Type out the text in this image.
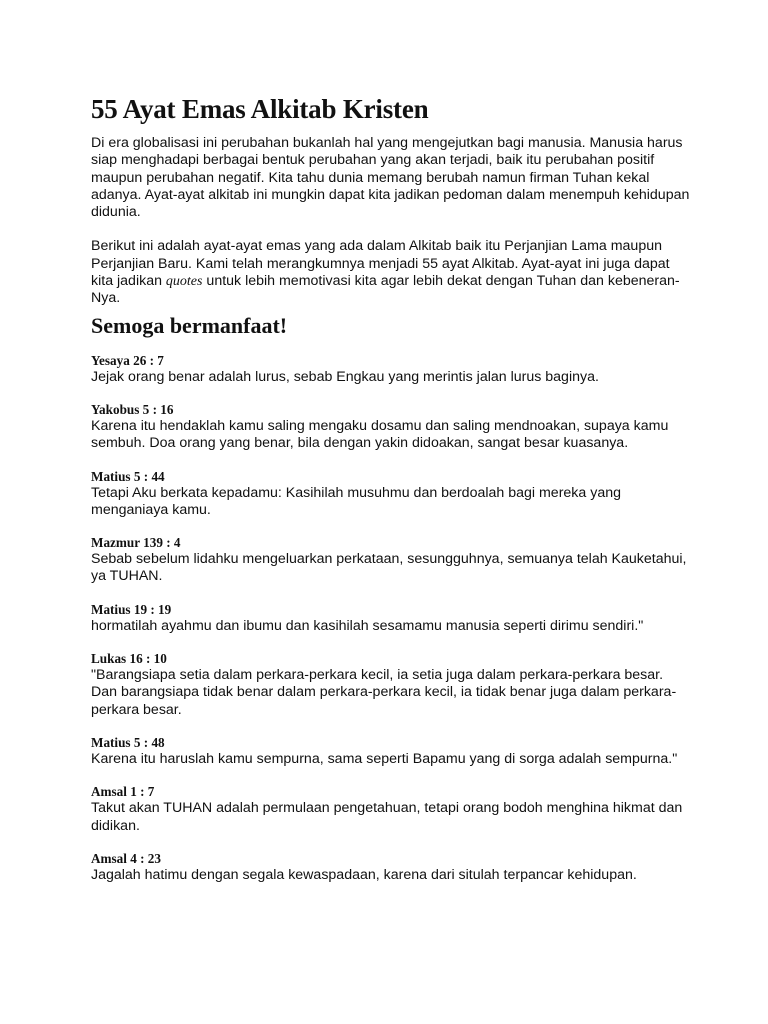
55 Ayat Emas Alkitab Kristen

Di era globalisasi ini perubahan bukanlah hal yang mengejutkan bagi manusia. Manusia harus siap menghadapi berbagai bentuk perubahan yang akan terjadi, baik itu perubahan positif maupun perubahan negatif. Kita tahu dunia memang berubah namun firman Tuhan kekal adanya. Ayat-ayat alkitab ini mungkin dapat kita jadikan pedoman dalam menempuh kehidupan didunia.

Berikut ini adalah ayat-ayat emas yang ada dalam Alkitab baik itu Perjanjian Lama maupun Perjanjian Baru. Kami telah merangkumnya menjadi 55 ayat Alkitab. Ayat-ayat ini juga dapat kita jadikan quotes untuk lebih memotivasi kita agar lebih dekat dengan Tuhan dan kebeneran-Nya.

Semoga bermanfaat!
Yesaya 26 : 7
Jejak orang benar adalah lurus, sebab Engkau yang merintis jalan lurus baginya.
Yakobus 5 : 16
Karena itu hendaklah kamu saling mengaku dosamu dan saling mendnoakan, supaya kamu sembuh. Doa orang yang benar, bila dengan yakin didoakan, sangat besar kuasanya.
Matius 5 : 44
Tetapi Aku berkata kepadamu: Kasihilah musuhmu dan berdoalah bagi mereka yang menganiaya kamu.
Mazmur 139 : 4
Sebab sebelum lidahku mengeluarkan perkataan, sesungguhnya, semuanya telah Kauketahui, ya TUHAN.
Matius 19 : 19
hormatilah ayahmu dan ibumu dan kasihilah sesamamu manusia seperti dirimu sendiri."
Lukas 16 : 10
"Barangsiapa setia dalam perkara-perkara kecil, ia setia juga dalam perkara-perkara besar. Dan barangsiapa tidak benar dalam perkara-perkara kecil, ia tidak benar juga dalam perkara-perkara besar.
Matius 5 : 48
Karena itu haruslah kamu sempurna, sama seperti Bapamu yang di sorga adalah sempurna."
Amsal 1 : 7
Takut akan TUHAN adalah permulaan pengetahuan, tetapi orang bodoh menghina hikmat dan didikan.
Amsal 4 : 23
Jagalah hatimu dengan segala kewaspadaan, karena dari situlah terpancar kehidupan.
